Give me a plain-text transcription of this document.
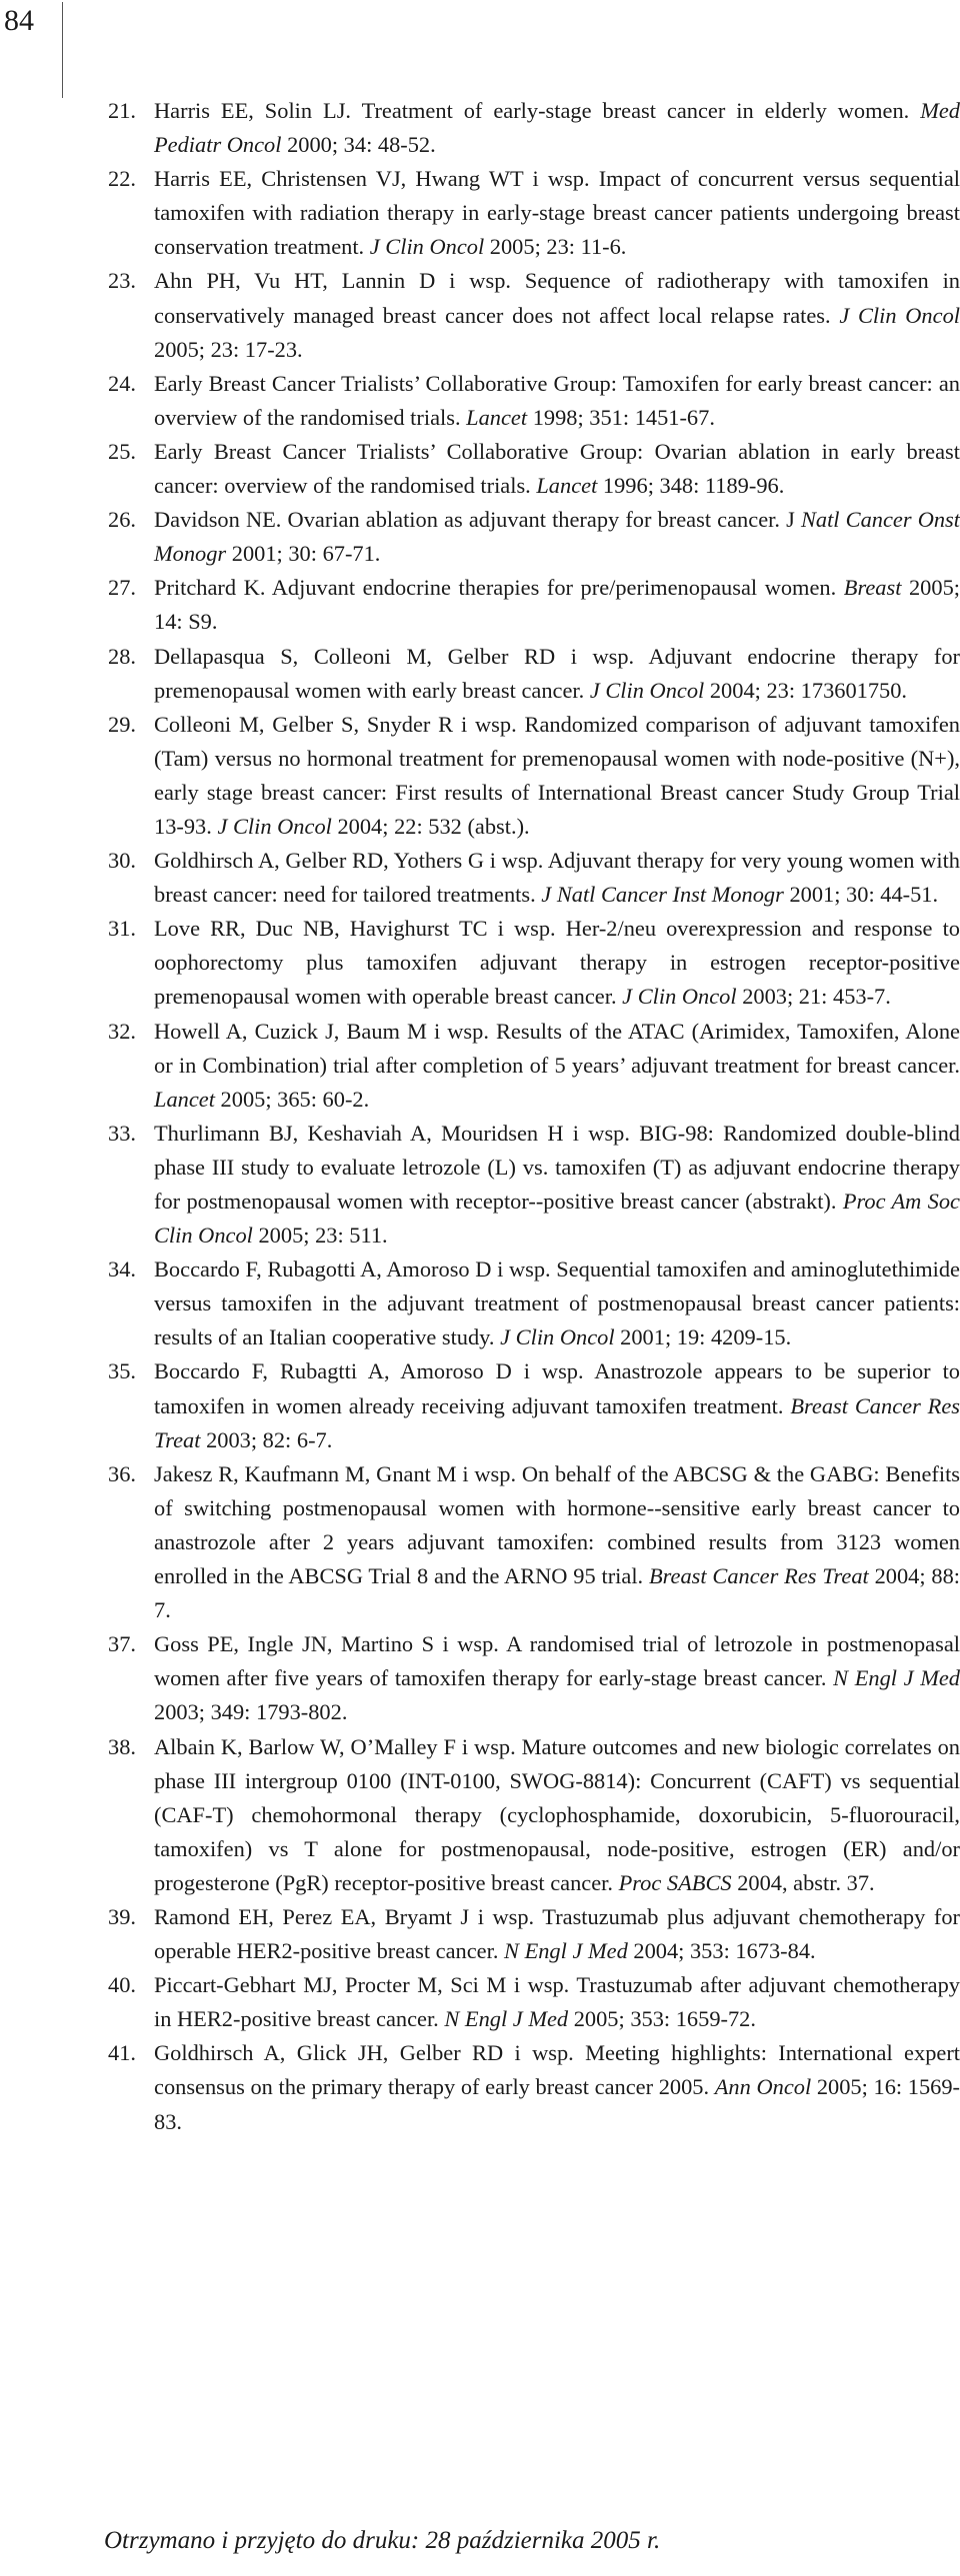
84
21. Harris EE, Solin LJ. Treatment of early-stage breast cancer in elderly women. Med Pediatr Oncol 2000; 34: 48-52.
22. Harris EE, Christensen VJ, Hwang WT i wsp. Impact of concurrent versus sequential tamoxifen with radiation therapy in early-stage breast cancer patients undergoing breast conservation treatment. J Clin Oncol 2005; 23: 11-6.
23. Ahn PH, Vu HT, Lannin D i wsp. Sequence of radiotherapy with tamoxifen in conservatively managed breast cancer does not affect local relapse rates. J Clin Oncol 2005; 23: 17-23.
24. Early Breast Cancer Trialists’ Collaborative Group: Tamoxifen for early breast cancer: an overview of the randomised trials. Lancet 1998; 351: 1451-67.
25. Early Breast Cancer Trialists’ Collaborative Group: Ovarian ablation in early breast cancer: overview of the randomised trials. Lancet 1996; 348: 1189-96.
26. Davidson NE. Ovarian ablation as adjuvant therapy for breast cancer. J Natl Cancer Onst Monogr 2001; 30: 67-71.
27. Pritchard K. Adjuvant endocrine therapies for pre/perimenopausal women. Breast 2005; 14: S9.
28. Dellapasqua S, Colleoni M, Gelber RD i wsp. Adjuvant endocrine therapy for premenopausal women with early breast cancer. J Clin Oncol 2004; 23: 173601750.
29. Colleoni M, Gelber S, Snyder R i wsp. Randomized comparison of adjuvant tamoxifen (Tam) versus no hormonal treatment for premenopausal women with node-positive (N+), early stage breast cancer: First results of International Breast cancer Study Group Trial 13-93. J Clin Oncol 2004; 22: 532 (abst.).
30. Goldhirsch A, Gelber RD, Yothers G i wsp. Adjuvant therapy for very young women with breast cancer: need for tailored treatments. J Natl Cancer Inst Monogr 2001; 30: 44-51.
31. Love RR, Duc NB, Havighurst TC i wsp. Her-2/neu overexpression and response to oophorectomy plus tamoxifen adjuvant therapy in estrogen receptor-positive premenopausal women with operable breast cancer. J Clin Oncol 2003; 21: 453-7.
32. Howell A, Cuzick J, Baum M i wsp. Results of the ATAC (Arimidex, Tamoxifen, Alone or in Combination) trial after completion of 5 years’ adjuvant treatment for breast cancer. Lancet 2005; 365: 60-2.
33. Thurlimann BJ, Keshaviah A, Mouridsen H i wsp. BIG-98: Randomized double-blind phase III study to evaluate letrozole (L) vs. tamoxifen (T) as adjuvant endocrine therapy for postmenopausal women with receptor--positive breast cancer (abstrakt). Proc Am Soc Clin Oncol 2005; 23: 511.
34. Boccardo F, Rubagotti A, Amoroso D i wsp. Sequential tamoxifen and aminoglutethimide versus tamoxifen in the adjuvant treatment of postmenopausal breast cancer patients: results of an Italian cooperative study. J Clin Oncol 2001; 19: 4209-15.
35. Boccardo F, Rubagtti A, Amoroso D i wsp. Anastrozole appears to be superior to tamoxifen in women already receiving adjuvant tamoxifen treatment. Breast Cancer Res Treat 2003; 82: 6-7.
36. Jakesz R, Kaufmann M, Gnant M i wsp. On behalf of the ABCSG & the GABG: Benefits of switching postmenopausal women with hormone--sensitive early breast cancer to anastrozole after 2 years adjuvant tamoxifen: combined results from 3123 women enrolled in the ABCSG Trial 8 and the ARNO 95 trial. Breast Cancer Res Treat 2004; 88: 7.
37. Goss PE, Ingle JN, Martino S i wsp. A randomised trial of letrozole in postmenopasal women after five years of tamoxifen therapy for early-stage breast cancer. N Engl J Med 2003; 349: 1793-802.
38. Albain K, Barlow W, O’Malley F i wsp. Mature outcomes and new biologic correlates on phase III intergroup 0100 (INT-0100, SWOG-8814): Concurrent (CAFT) vs sequential (CAF-T) chemohormonal therapy (cyclophosphamide, doxorubicin, 5-fluorouracil, tamoxifen) vs T alone for postmenopausal, node-positive, estrogen (ER) and/or progesterone (PgR) receptor-positive breast cancer. Proc SABCS 2004, abstr. 37.
39. Ramond EH, Perez EA, Bryamt J i wsp. Trastuzumab plus adjuvant chemotherapy for operable HER2-positive breast cancer. N Engl J Med 2004; 353: 1673-84.
40. Piccart-Gebhart MJ, Procter M, Sci M i wsp. Trastuzumab after adjuvant chemotherapy in HER2-positive breast cancer. N Engl J Med 2005; 353: 1659-72.
41. Goldhirsch A, Glick JH, Gelber RD i wsp. Meeting highlights: International expert consensus on the primary therapy of early breast cancer 2005. Ann Oncol 2005; 16: 1569-83.
Otrzymano i przyjęto do druku: 28 października 2005 r.
